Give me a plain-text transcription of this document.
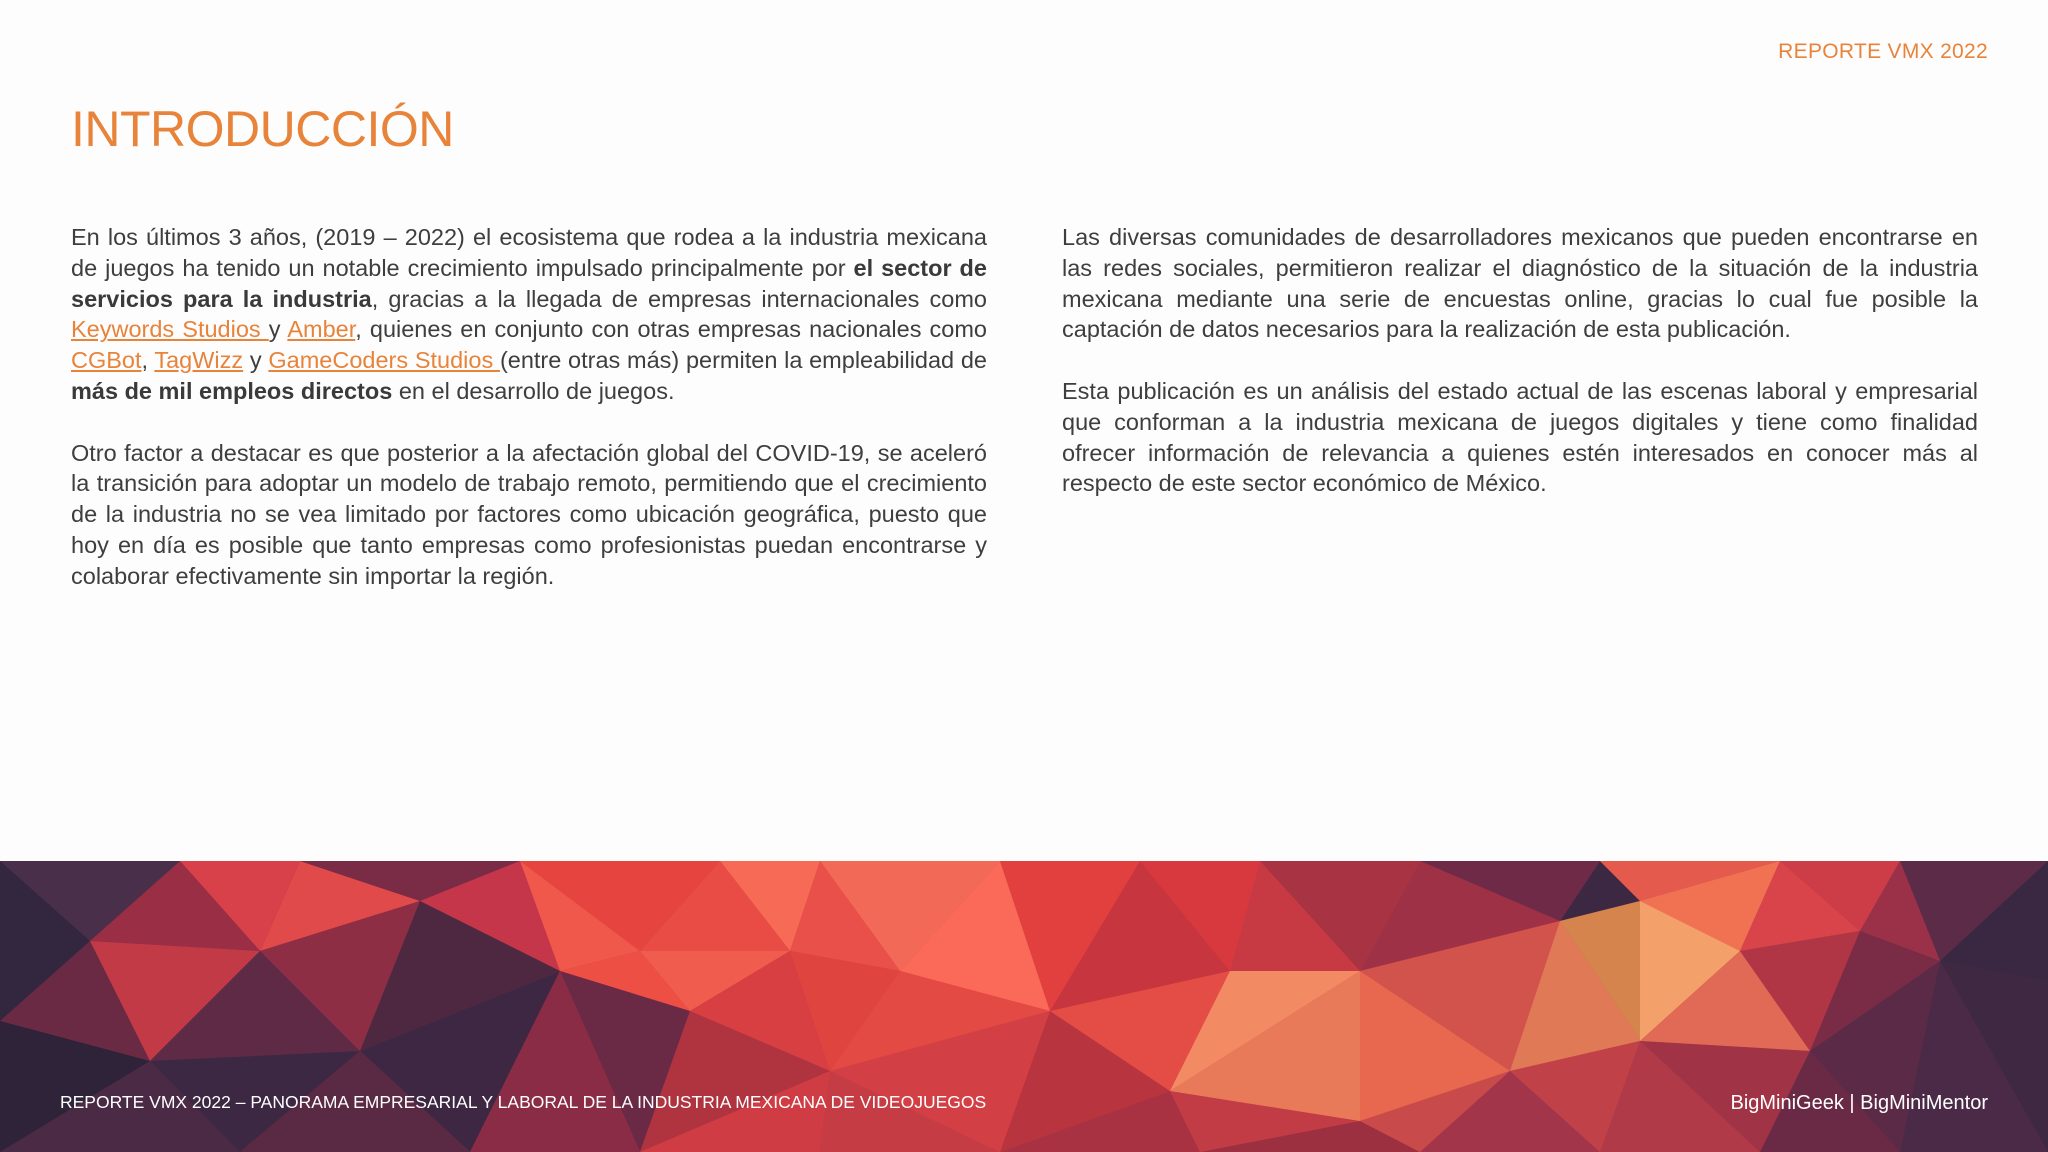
REPORTE VMX 2022
INTRODUCCIÓN

En los últimos 3 años, (2019 – 2022) el ecosistema que rodea a la industria mexicana de juegos ha tenido un notable crecimiento impulsado principalmente por el sector de servicios para la industria, gracias a la llegada de empresas internacionales como Keywords Studios y Amber, quienes en conjunto con otras empresas nacionales como CGBot, TagWizz y GameCoders Studios (entre otras más) permiten la empleabilidad de más de mil empleos directos en el desarrollo de juegos.

Otro factor a destacar es que posterior a la afectación global del COVID-19, se aceleró la transición para adoptar un modelo de trabajo remoto, permitiendo que el crecimiento de la industria no se vea limitado por factores como ubicación geográfica, puesto que hoy en día es posible que tanto empresas como profesionistas puedan encontrarse y colaborar efectivamente sin importar la región.

Las diversas comunidades de desarrolladores mexicanos que pueden encontrarse en las redes sociales, permitieron realizar el diagnóstico de la situación de la industria mexicana mediante una serie de encuestas online, gracias lo cual fue posible la captación de datos necesarios para la realización de esta publicación.

Esta publicación es un análisis del estado actual de las escenas laboral y empresarial que conforman a la industria mexicana de juegos digitales y tiene como finalidad ofrecer información de relevancia a quienes estén interesados en conocer más al respecto de este sector económico de México.

REPORTE VMX 2022 – PANORAMA EMPRESARIAL Y LABORAL DE LA INDUSTRIA MEXICANA DE VIDEOJUEGOS	BigMiniGeek | BigMiniMentor
